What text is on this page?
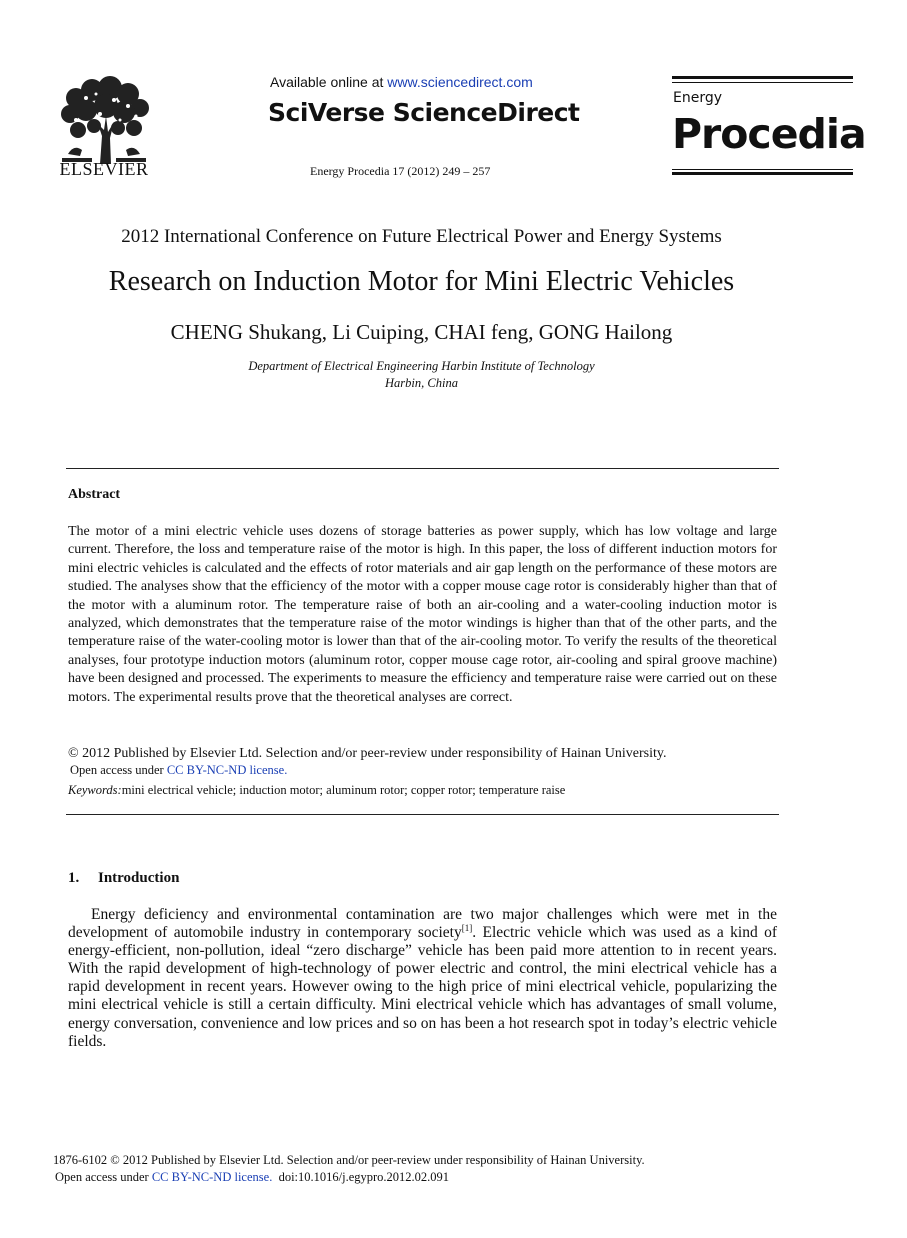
ELSEVIER
Available online at www.sciencedirect.com
SciVerse ScienceDirect
Energy Procedia 17 (2012) 249 – 257
Energy
Procedia
2012 International Conference on Future Electrical Power and Energy Systems
Research on Induction Motor for Mini Electric Vehicles
CHENG Shukang, Li Cuiping, CHAI feng, GONG Hailong
Department of Electrical Engineering Harbin Institute of Technology
Harbin, China
Abstract
The motor of a mini electric vehicle uses dozens of storage batteries as power supply, which has low voltage and large current. Therefore, the loss and temperature raise of the motor is high. In this paper, the loss of different induction motors for mini electric vehicles is calculated and the effects of rotor materials and air gap length on the performance of these motors are studied. The analyses show that the efficiency of the motor with a copper mouse cage rotor is considerably higher than that of the motor with a aluminum rotor. The temperature raise of both an air-cooling and a water-cooling induction motor is analyzed, which demonstrates that the temperature raise of the motor windings is higher than that of the other parts, and the temperature raise of the water-cooling motor is lower than that of the air-cooling motor. To verify the results of the theoretical analyses, four prototype induction motors (aluminum rotor, copper mouse cage rotor, air-cooling and spiral groove machine) have been designed and processed. The experiments to measure the efficiency and temperature raise were carried out on these motors. The experimental results prove that the theoretical analyses are correct.
© 2012 Published by Elsevier Ltd. Selection and/or peer-review under responsibility of Hainan University.
Open access under CC BY-NC-ND license.
Keywords:mini electrical vehicle; induction motor; aluminum rotor; copper rotor; temperature raise
1. Introduction
Energy deficiency and environmental contamination are two major challenges which were met in the development of automobile industry in contemporary society[1]. Electric vehicle which was used as a kind of energy-efficient, non-pollution, ideal “zero discharge” vehicle has been paid more attention to in recent years. With the rapid development of high-technology of power electric and control, the mini electrical vehicle has a rapid development in recent years. However owing to the high price of mini electrical vehicle, popularizing the mini electrical vehicle is still a certain difficulty. Mini electrical vehicle which has advantages of small volume, energy conversation, convenience and low prices and so on has been a hot research spot in today’s electric vehicle fields.
1876-6102 © 2012 Published by Elsevier Ltd. Selection and/or peer-review under responsibility of Hainan University.
Open access under CC BY-NC-ND license. doi:10.1016/j.egypro.2012.02.091
